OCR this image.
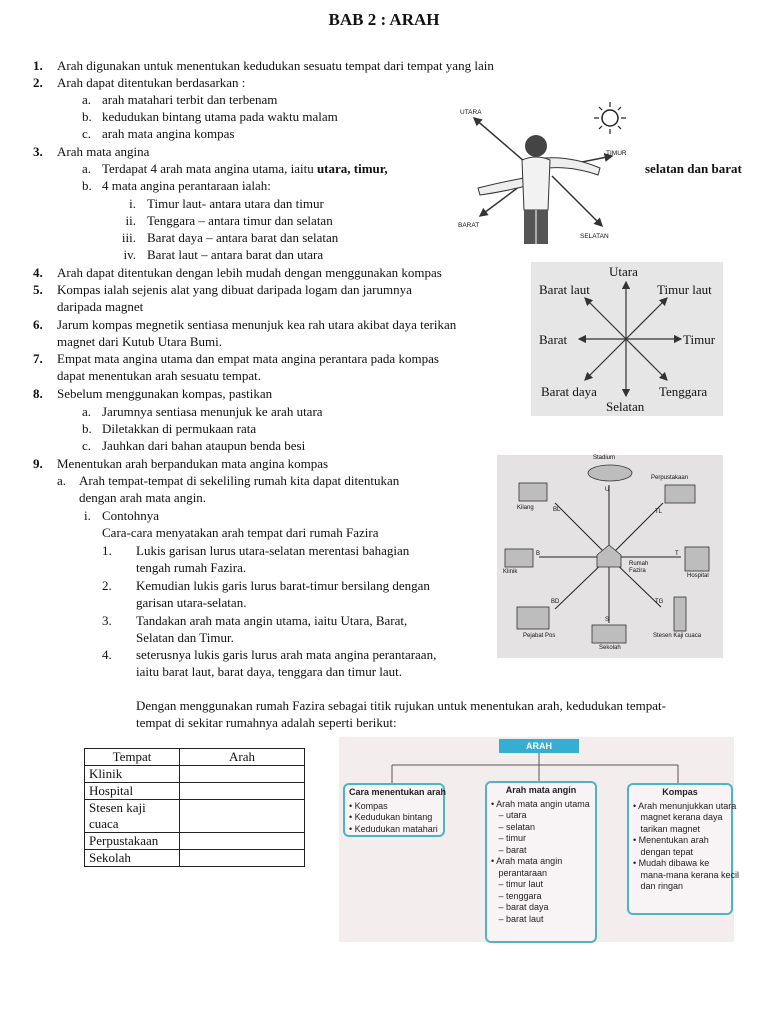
BAB 2 : ARAH
1. Arah digunakan untuk menentukan kedudukan sesuatu tempat dari tempat yang lain
2. Arah dapat ditentukan berdasarkan :
a. arah matahari terbit dan terbenam
b. kedudukan bintang utama pada waktu malam
c. arah mata angina kompas
3. Arah mata angina
a. Terdapat 4 arah mata angina utama, iaitu utara, timur,	selatan dan barat
b. 4 mata angina perantaraan ialah:
i. Timur laut- antara utara dan timur
ii. Tenggara – antara timur dan selatan
iii. Barat daya – antara barat dan selatan
iv. Barat laut – antara barat dan utara
4. Arah dapat ditentukan dengan lebih mudah dengan menggunakan kompas
5. Kompas ialah sejenis alat yang dibuat daripada logam dan jarumnya
daripada magnet
6. Jarum kompas megnetik sentiasa menunjuk kea rah utara akibat daya terikan
magnet dari Kutub Utara Bumi.
7. Empat mata angina utama dan empat mata angina perantara pada kompas
dapat menentukan arah sesuatu tempat.
8. Sebelum menggunakan kompas, pastikan
a. Jarumnya sentiasa menunjuk ke arah utara
b. Diletakkan di permukaan rata
c. Jauhkan dari bahan ataupun benda besi
9. Menentukan arah berpandukan mata angina kompas
a. Arah tempat-tempat di sekeliling rumah kita dapat ditentukan
dengan arah mata angin.
i. Contohnya
Cara-cara menyatakan arah tempat dari rumah Fazira
1. Lukis garisan lurus utara-selatan merentasi bahagian
tengah rumah Fazira.
2. Kemudian lukis garis lurus barat-timur bersilang dengan
garisan utara-selatan.
3. Tandakan arah mata angin utama, iaitu Utara, Barat,
Selatan dan Timur.
4. seterusnya lukis garis lurus arah mata angina perantaraan,
iaitu barat laut, barat daya, tenggara dan timur laut.
Dengan menggunakan rumah Fazira sebagai titik rujukan untuk menentukan arah, kedudukan tempat-
tempat di sekitar rumahnya adalah seperti berikut:
Tempat	Arah
Klinik	
Hospital	
Stesen kaji cuaca	
Perpustakaan	
Sekolah	
UTARA
TIMUR
BARAT
SELATAN
Utara
Barat laut	Timur laut
Barat	Timur
Barat daya	Tenggara
Selatan
Stadium
Perpustakaan
Kilang
Klinik
Rumah Fazira
Hospital
Pejabat Pos
Sekolah
Stesen Kaji cuaca
U
BL	TL
B	T
BD	TG
S
ARAH
Cara menentukan arah
• Kompas
• Kedudukan bintang
• Kedudukan matahari
Arah mata angin
• Arah mata angin utama
– utara
– selatan
– timur
– barat
• Arah mata angin
perantaraan
– timur laut
– tenggara
– barat daya
– barat laut
Kompas
• Arah menunjukkan utara
magnet kerana daya
tarikan magnet
• Menentukan arah
dengan tepat
• Mudah dibawa ke
mana-mana kerana kecil
dan ringan
